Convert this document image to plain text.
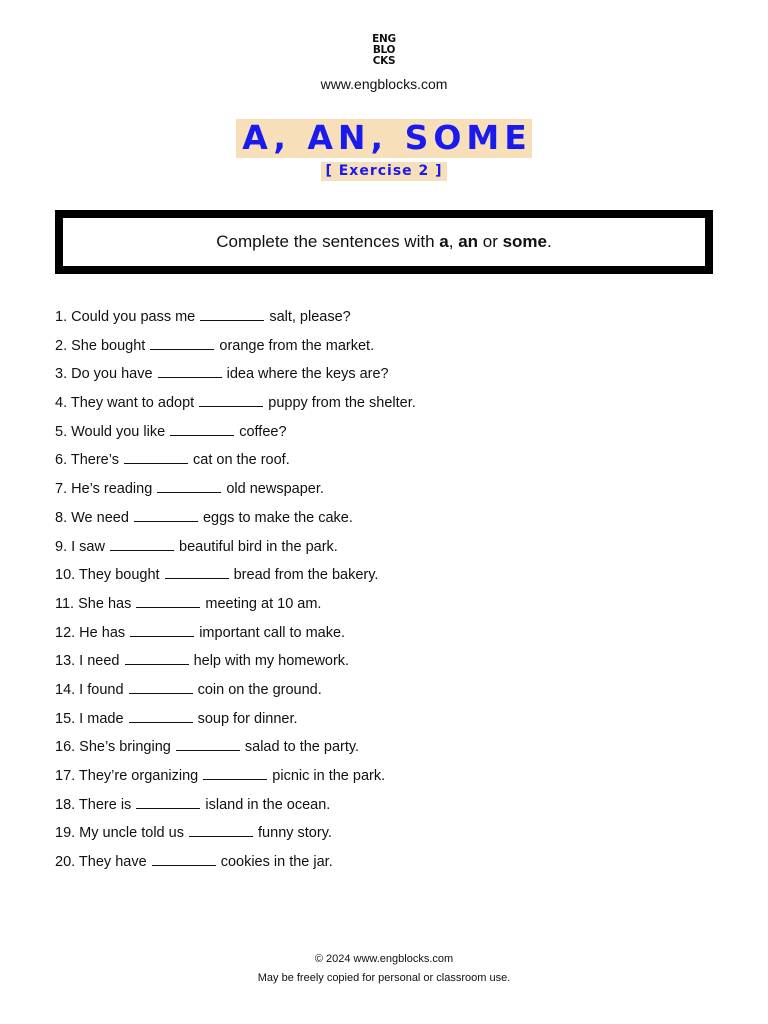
ENG
BLO
CKS
www.engblocks.com
A, AN, SOME
[ Exercise 2 ]
Complete the sentences with a, an or some.
1. Could you pass me	salt, please?
2. She bought	orange from the market.
3. Do you have	idea where the keys are?
4. They want to adopt	puppy from the shelter.
5. Would you like	coffee?
6. There’s	cat on the roof.
7. He’s reading	old newspaper.
8. We need	eggs to make the cake.
9. I saw	beautiful bird in the park.
10. They bought	bread from the bakery.
11. She has	meeting at 10 am.
12. He has	important call to make.
13. I need	help with my homework.
14. I found	coin on the ground.
15. I made	soup for dinner.
16. She’s bringing	salad to the party.
17. They’re organizing	picnic in the park.
18. There is	island in the ocean.
19. My uncle told us	funny story.
20. They have	cookies in the jar.
© 2024 www.engblocks.com
May be freely copied for personal or classroom use.
